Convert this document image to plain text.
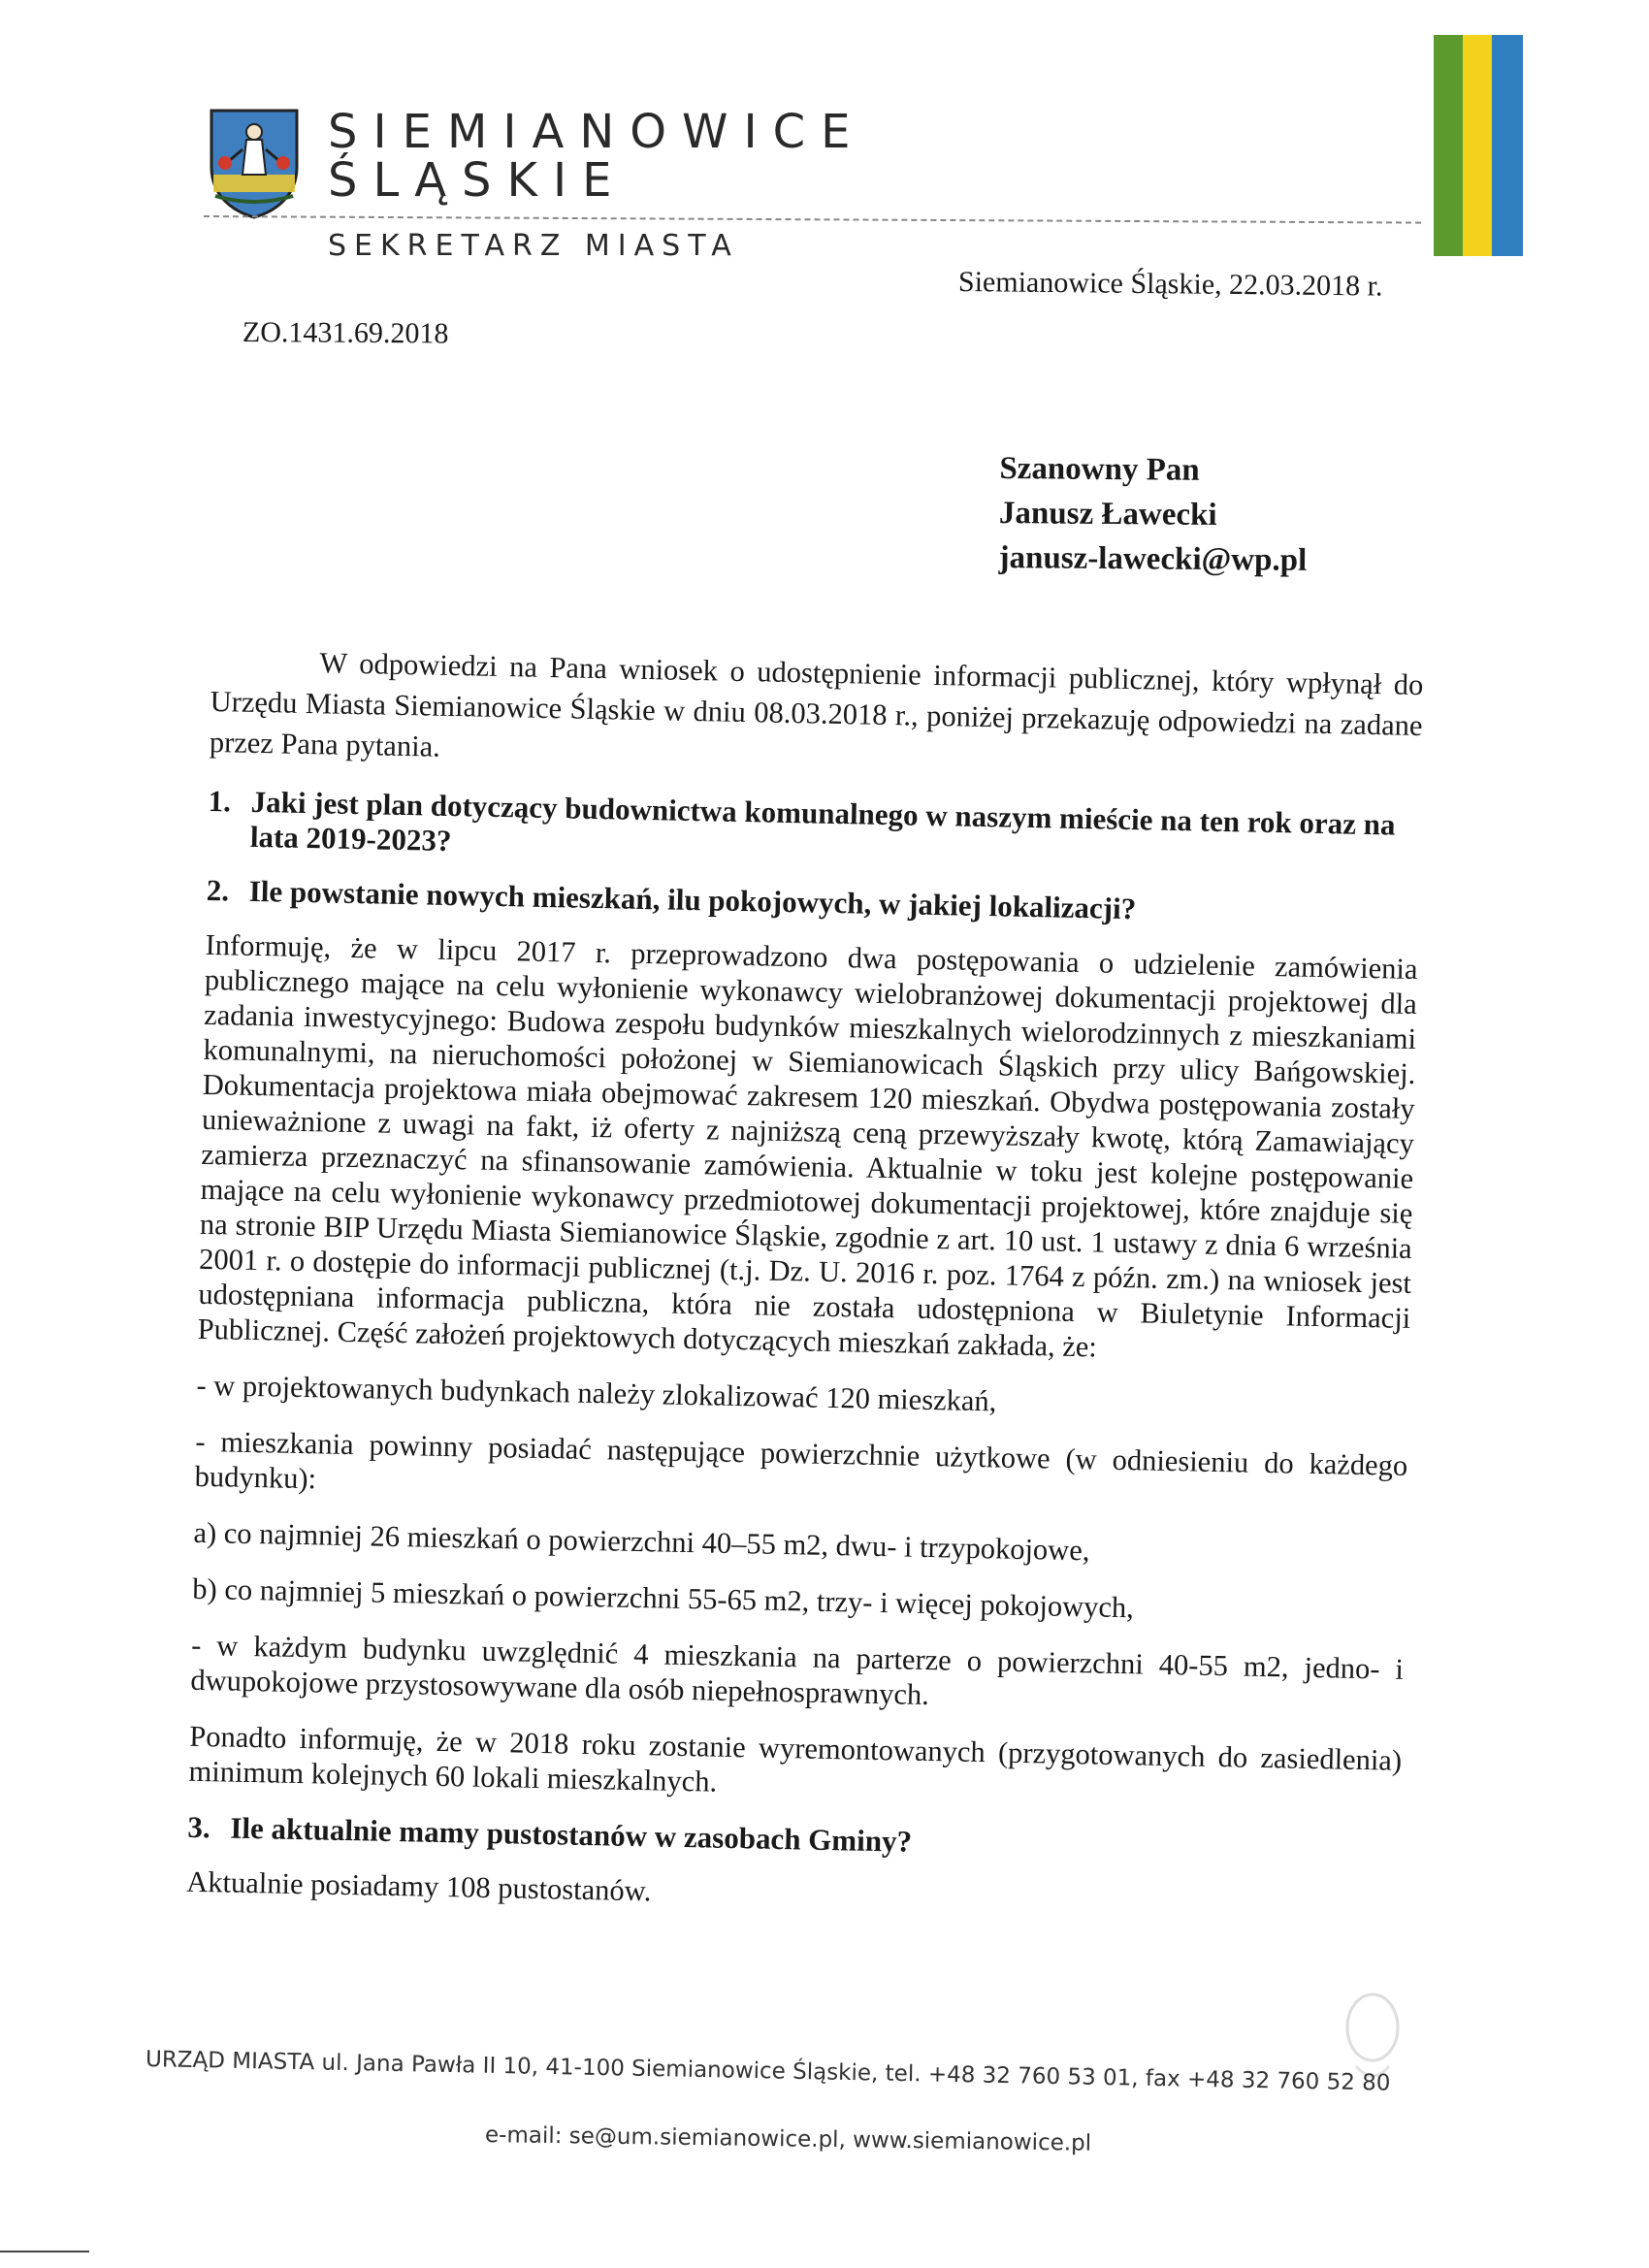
SIEMIANOWICE
ŚLĄSKIE
SEKRETARZ MIASTA
Siemianowice Śląskie, 22.03.2018 r.
ZO.1431.69.2018
Szanowny Pan
Janusz Ławecki
janusz-lawecki@wp.pl

W odpowiedzi na Pana wniosek o udostępnienie informacji publicznej, który wpłynął do Urzędu Miasta Siemianowice Śląskie w dniu 08.03.2018 r., poniżej przekazuję odpowiedzi na zadane przez Pana pytania.

1. Jaki jest plan dotyczący budownictwa komunalnego w naszym mieście na ten rok oraz na lata 2019-2023?
2. Ile powstanie nowych mieszkań, ilu pokojowych, w jakiej lokalizacji?

Informuję, że w lipcu 2017 r. przeprowadzono dwa postępowania o udzielenie zamówienia publicznego mające na celu wyłonienie wykonawcy wielobranżowej dokumentacji projektowej dla zadania inwestycyjnego: Budowa zespołu budynków mieszkalnych wielorodzinnych z mieszkaniami komunalnymi, na nieruchomości położonej w Siemianowicach Śląskich przy ulicy Bańgowskiej. Dokumentacja projektowa miała obejmować zakresem 120 mieszkań. Obydwa postępowania zostały unieważnione z uwagi na fakt, iż oferty z najniższą ceną przewyższały kwotę, którą Zamawiający zamierza przeznaczyć na sfinansowanie zamówienia. Aktualnie w toku jest kolejne postępowanie mające na celu wyłonienie wykonawcy przedmiotowej dokumentacji projektowej, które znajduje się na stronie BIP Urzędu Miasta Siemianowice Śląskie, zgodnie z art. 10 ust. 1 ustawy z dnia 6 września 2001 r. o dostępie do informacji publicznej (t.j. Dz. U. 2016 r. poz. 1764 z późn. zm.) na wniosek jest udostępniana informacja publiczna, która nie została udostępniona w Biuletynie Informacji Publicznej. Część założeń projektowych dotyczących mieszkań zakłada, że:

- w projektowanych budynkach należy zlokalizować 120 mieszkań,

- mieszkania powinny posiadać następujące powierzchnie użytkowe (w odniesieniu do każdego budynku):

a) co najmniej 26 mieszkań o powierzchni 40–55 m2, dwu- i trzypokojowe,

b) co najmniej 5 mieszkań o powierzchni 55-65 m2, trzy- i więcej pokojowych,

- w każdym budynku uwzględnić 4 mieszkania na parterze o powierzchni 40-55 m2, jedno- i dwupokojowe przystosowywane dla osób niepełnosprawnych.

Ponadto informuję, że w 2018 roku zostanie wyremontowanych (przygotowanych do zasiedlenia) minimum kolejnych 60 lokali mieszkalnych.

3. Ile aktualnie mamy pustostanów w zasobach Gminy?

Aktualnie posiadamy 108 pustostanów.

URZĄD MIASTA ul. Jana Pawła II 10, 41-100 Siemianowice Śląskie, tel. +48 32 760 53 01, fax +48 32 760 52 80
e-mail: se@um.siemianowice.pl, www.siemianowice.pl
